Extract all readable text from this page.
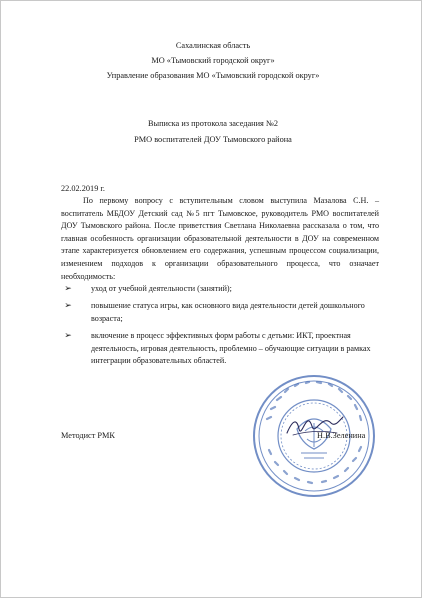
Сахалинская область
МО «Тымовский городской округ»
Управление образования МО «Тымовский городской округ»
Выписка из протокола заседания №2
РМО воспитателей ДОУ Тымовского района
22.02.2019 г.
По первому вопросу с вступительным словом выступила Мазалова С.Н. – воспитатель МБДОУ Детский сад №5 пгт Тымовское, руководитель РМО воспитателей ДОУ Тымовского района. После приветствия Светлана Николаевна рассказала о том, что главная особенность организации образовательной деятельности в ДОУ на современном этапе характеризуется обновлением его содержания, успешным процессом социализации, изменением подходов к организации образовательного процесса, что означает необходимость:
➢	уход от учебной деятельности (занятий);
➢	повышение статуса игры, как основного вида деятельности детей дошкольного возраста;
➢	включение в процесс эффективных форм работы с детьми: ИКТ, проектная деятельность, игровая деятельность, проблемно – обучающие ситуации в рамках интеграции образовательных областей.
Методист РМК	Н.В.Зеленина
